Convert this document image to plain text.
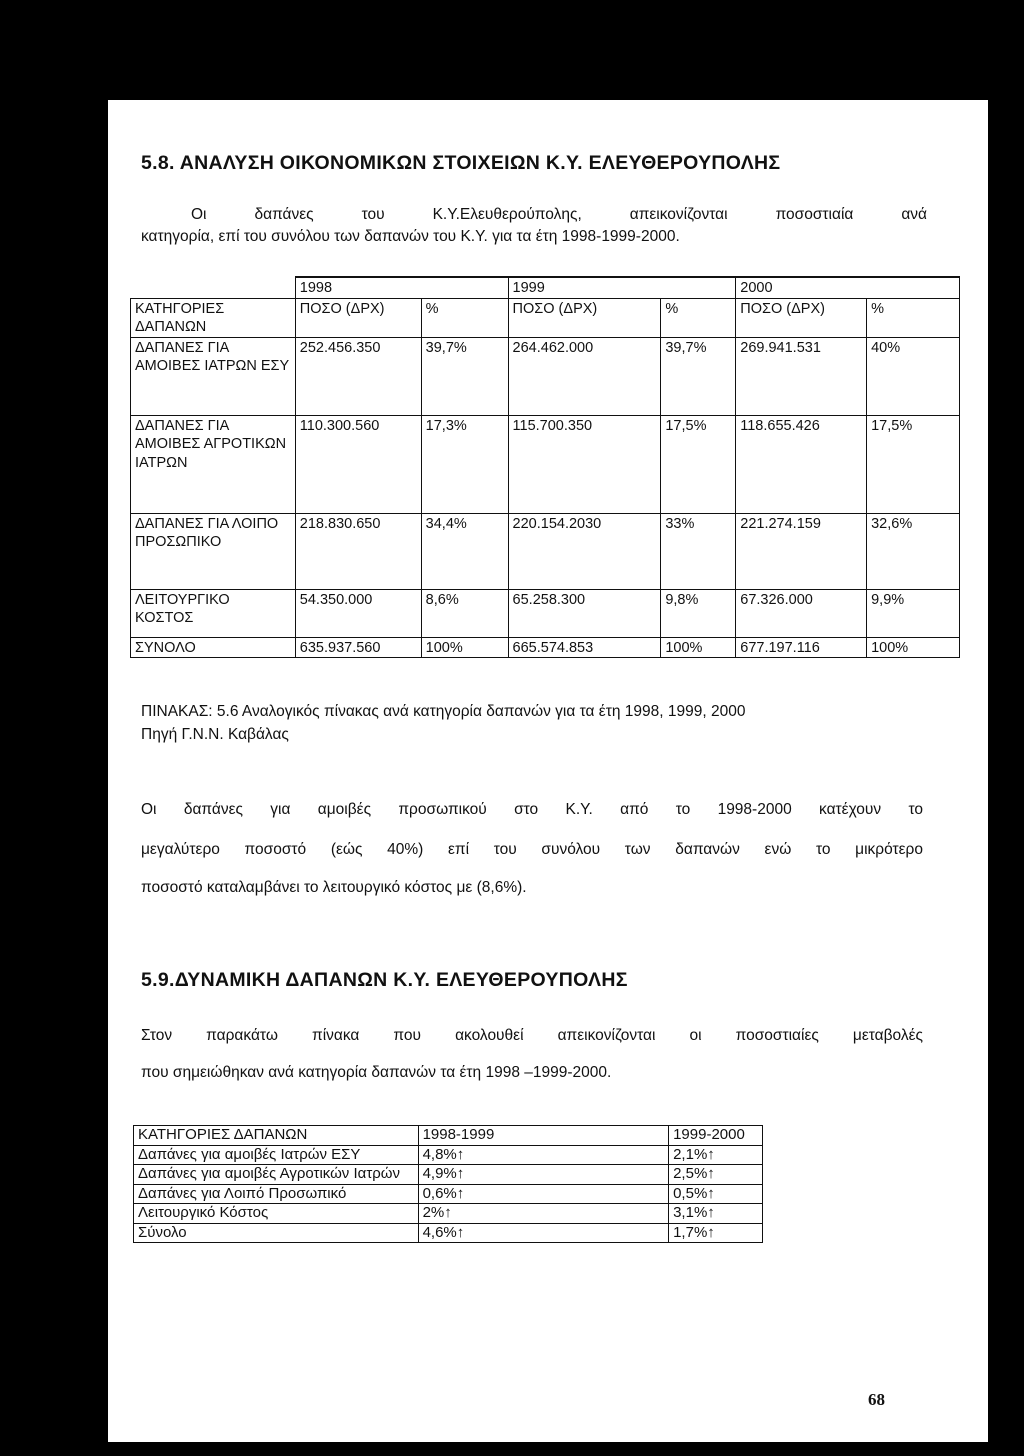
5.8. ΑΝΑΛΥΣΗ ΟΙΚΟΝΟΜΙΚΩΝ ΣΤΟΙΧΕΙΩΝ Κ.Υ. ΕΛΕΥΘΕΡΟΥΠΟΛΗΣ
Οι δαπάνες του Κ.Υ.Ελευθερούπολης, απεικονίζονται ποσοστιαία ανά
κατηγορία, επί του συνόλου των δαπανών του Κ.Υ. για τα έτη 1998-1999-2000.
	1998		1999		2000	
ΚΑΤΗΓΟΡΙΕΣ ΔΑΠΑΝΩΝ	ΠΟΣΟ (ΔΡΧ)	%	ΠΟΣΟ (ΔΡΧ)	%	ΠΟΣΟ (ΔΡΧ)	%
ΔΑΠΑΝΕΣ ΓΙΑ ΑΜΟΙΒΕΣ ΙΑΤΡΩΝ ΕΣΥ	252.456.350	39,7%	264.462.000	39,7%	269.941.531	40%
ΔΑΠΑΝΕΣ ΓΙΑ ΑΜΟΙΒΕΣ ΑΓΡΟΤΙΚΩΝ ΙΑΤΡΩΝ	110.300.560	17,3%	115.700.350	17,5%	118.655.426	17,5%
ΔΑΠΑΝΕΣ ΓΙΑ ΛΟΙΠΟ ΠΡΟΣΩΠΙΚΟ	218.830.650	34,4%	220.154.2030	33%	221.274.159	32,6%
ΛΕΙΤΟΥΡΓΙΚΟ ΚΟΣΤΟΣ	54.350.000	8,6%	65.258.300	9,8%	67.326.000	9,9%
ΣΥΝΟΛΟ	635.937.560	100%	665.574.853	100%	677.197.116	100%
ΠΙΝΑΚΑΣ: 5.6 Αναλογικός πίνακας ανά κατηγορία δαπανών για τα έτη 1998, 1999, 2000
Πηγή Γ.Ν.Ν. Καβάλας
Οι δαπάνες για αμοιβές προσωπικού στο Κ.Υ. από το 1998-2000 κατέχουν το
μεγαλύτερο ποσοστό (εώς 40%) επί του συνόλου των δαπανών ενώ το μικρότερο
ποσοστό καταλαμβάνει το λειτουργικό κόστος με (8,6%).
5.9.ΔΥΝΑΜΙΚΗ ΔΑΠΑΝΩΝ Κ.Υ. ΕΛΕΥΘΕΡΟΥΠΟΛΗΣ
Στον παρακάτω πίνακα που ακολουθεί απεικονίζονται οι ποσοστιαίες μεταβολές
που σημειώθηκαν ανά κατηγορία δαπανών τα έτη 1998 –1999-2000.
ΚΑΤΗΓΟΡΙΕΣ ΔΑΠΑΝΩΝ	1998-1999	1999-2000
Δαπάνες για αμοιβές Ιατρών ΕΣΥ	4,8%↑	2,1%↑
Δαπάνες για αμοιβές Αγροτικών Ιατρών	4,9%↑	2,5%↑
Δαπάνες για Λοιπό Προσωπικό	0,6%↑	0,5%↑
Λειτουργικό Κόστος	2%↑	3,1%↑
Σύνολο	4,6%↑	1,7%↑
68
